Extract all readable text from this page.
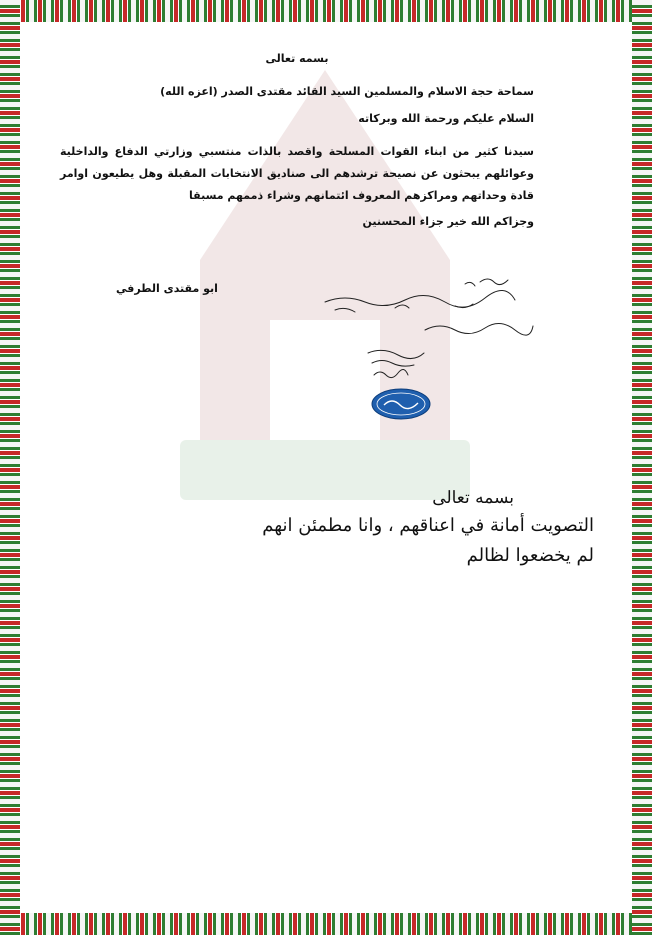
بسمه تعالى

سماحة حجة الاسلام والمسلمين السيد القائد مقتدى الصدر (اعزه الله)

السلام عليكم ورحمة الله وبركاته

سيدنا كثير من ابناء القوات المسلحة واقصد بالذات منتسبي وزارتي الدفاع والداخلية وعوائلهم يبحثون عن نصيحة ترشدهم الى صناديق الانتخابات المقبلة وهل يطيعون اوامر قادة وحداتهم ومراكزهم المعروف ائتمانهم وشراء ذممهم مسبقا

وجزاكم الله خير جزاء المحسنين

ابو مقتدى الطرفي

بسمه تعالى

التصويت أمانة في اعناقهم ، وانا مطمئن انهم

لم يخضعوا لظالم
